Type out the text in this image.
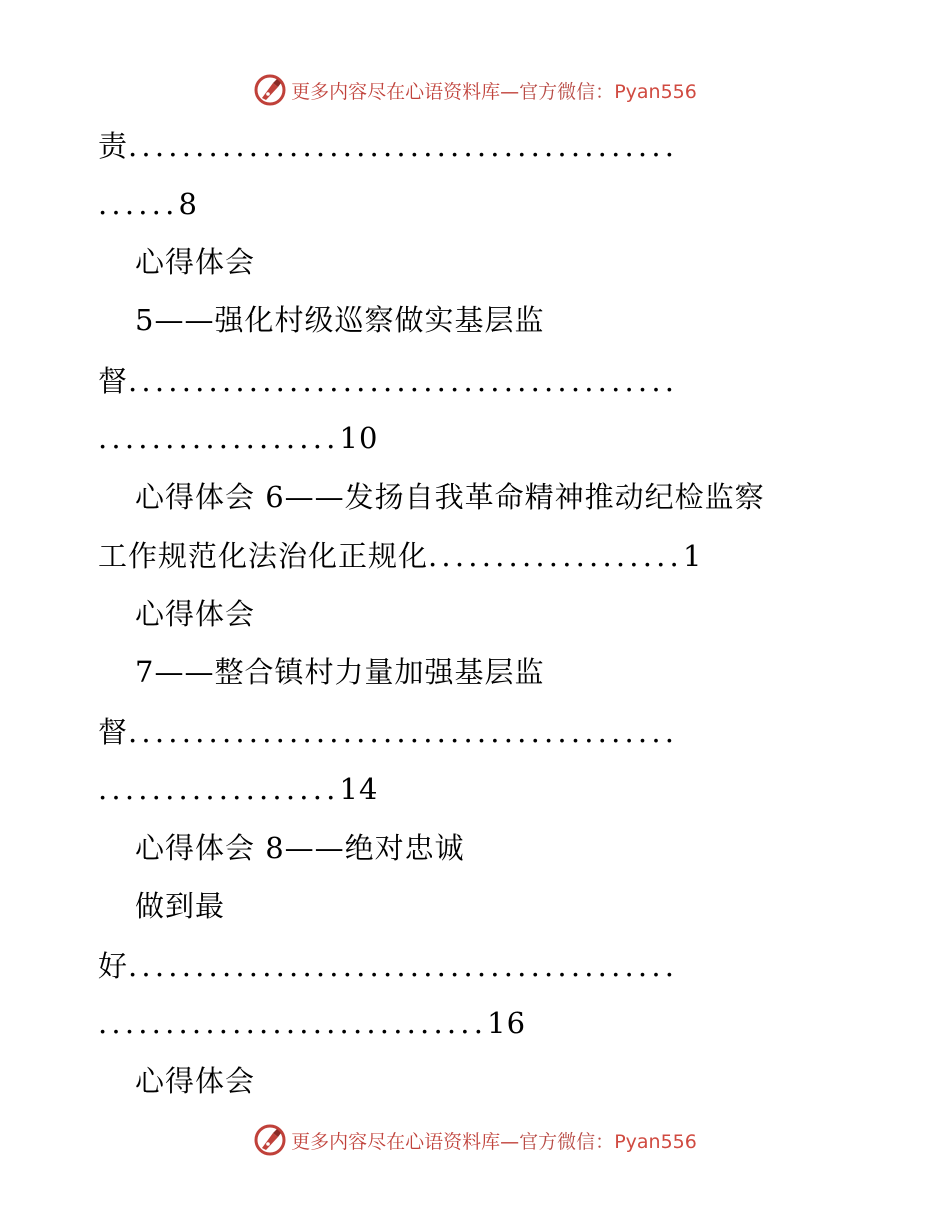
更多内容尽在心语资料库—官方微信：Pyan556
责.........................................
......8
心得体会
5——强化村级巡察做实基层监
督.........................................
..................10
心得体会 6——发扬自我革命精神推动纪检监察
工作规范化法治化正规化...................1
心得体会
7——整合镇村力量加强基层监
督.........................................
..................14
心得体会 8——绝对忠诚
做到最
好.........................................
.............................16
心得体会
更多内容尽在心语资料库—官方微信：Pyan556
